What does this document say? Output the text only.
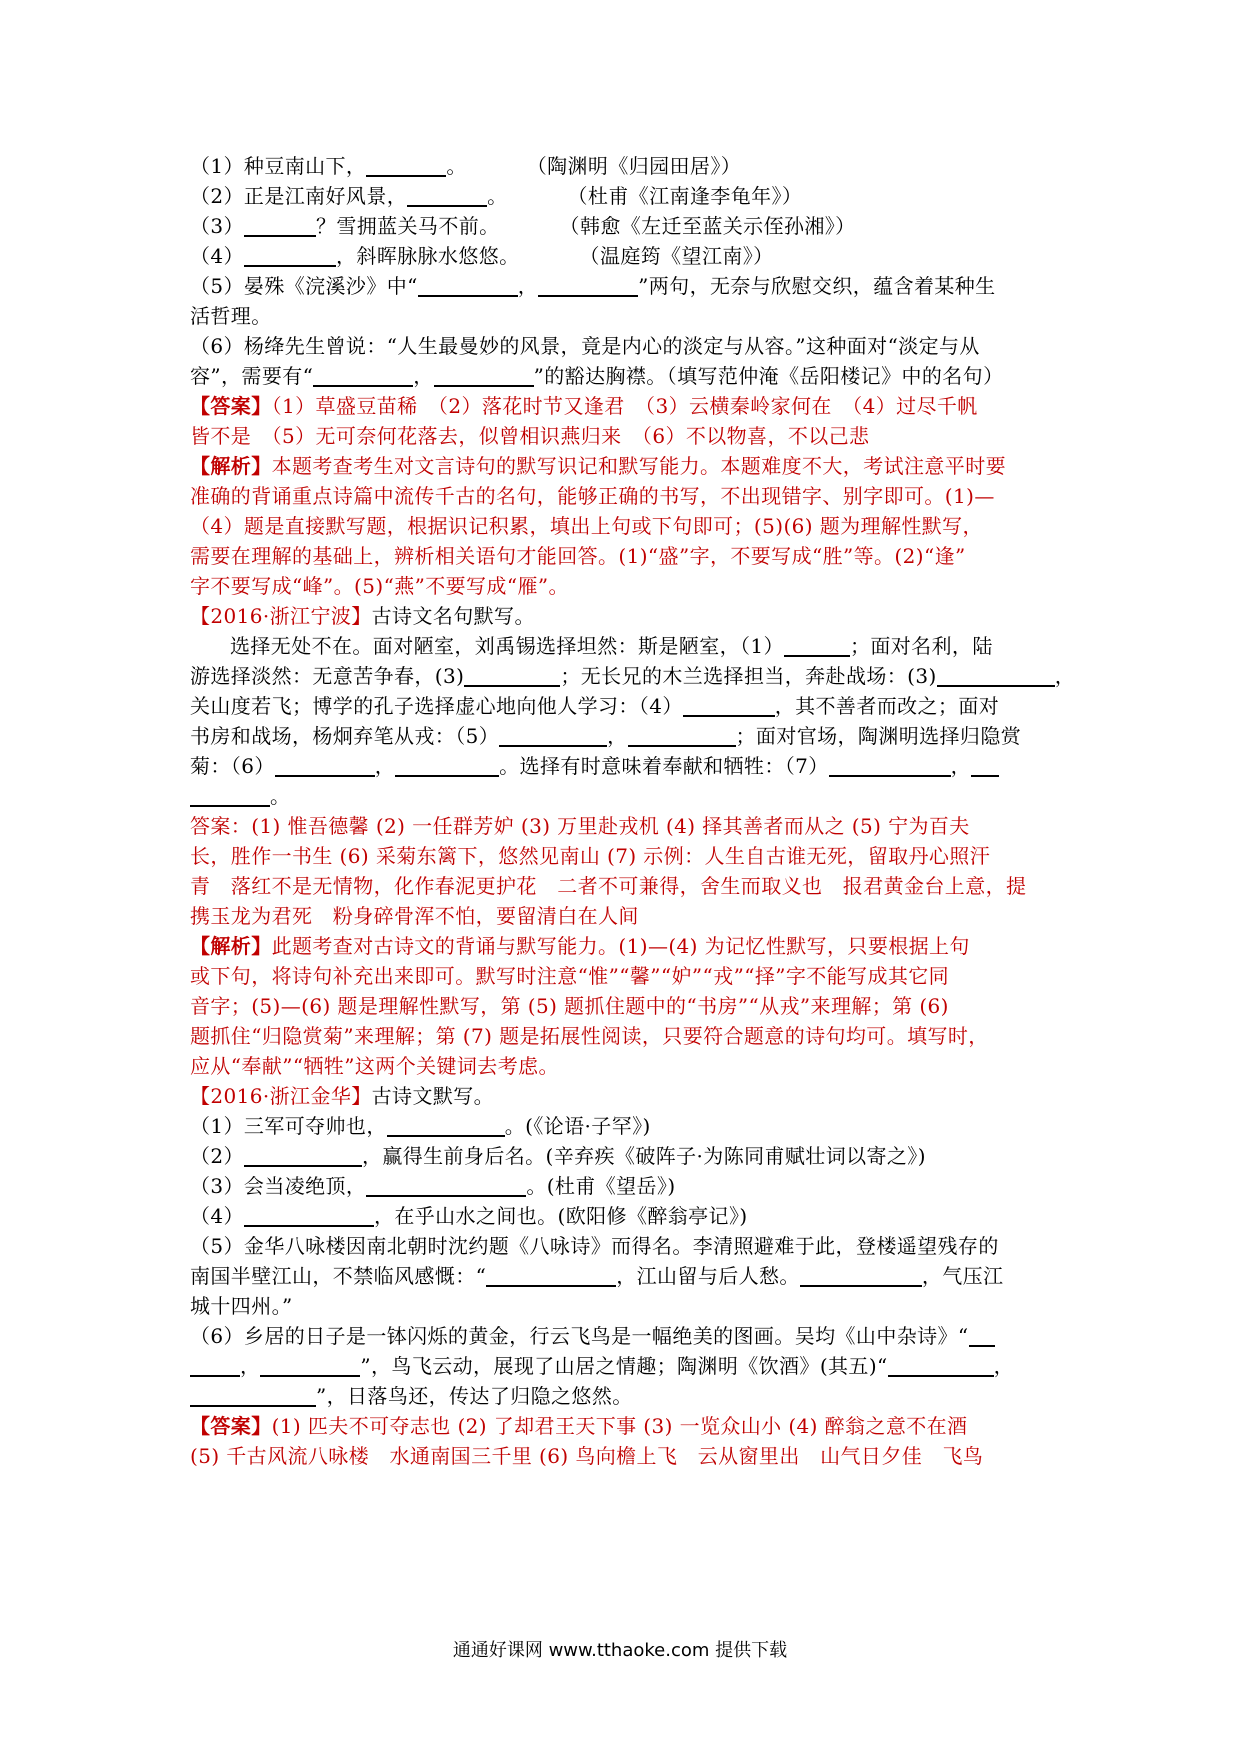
（1）种豆南山下，	。	（陶渊明《归园田居》）
（2）正是江南好风景，	。	（杜甫《江南逢李龟年》）
（3）	？雪拥蓝关马不前。	（韩愈《左迁至蓝关示侄孙湘》）
（4）	，斜晖脉脉水悠悠。	（温庭筠《望江南》）
（5）晏殊《浣溪沙》中“	，	”两句，无奈与欣慰交织，蕴含着某种生
活哲理。
（6）杨绛先生曾说：“人生最曼妙的风景，竟是内心的淡定与从容。”这种面对“淡定与从
容”，需要有“	，	”的豁达胸襟。（填写范仲淹《岳阳楼记》中的名句）
【答案】（1）草盛豆苗稀　（2）落花时节又逢君　（3）云横秦岭家何在　（4）过尽千帆
皆不是　（5）无可奈何花落去，似曾相识燕归来　（6）不以物喜，不以己悲
【解析】本题考查考生对文言诗句的默写识记和默写能力。本题难度不大，考试注意平时要
准确的背诵重点诗篇中流传千古的名句，能够正确的书写，不出现错字、别字即可。(1)—
（4）题是直接默写题，根据识记积累，填出上句或下句即可；(5)(6) 题为理解性默写，
需要在理解的基础上，辨析相关语句才能回答。(1)“盛”字，不要写成“胜”等。(2)“逢”
字不要写成“峰”。(5)“燕”不要写成“雁”。
【2016·浙江宁波】古诗文名句默写。
选择无处不在。面对陋室，刘禹锡选择坦然：斯是陋室，（1）	；面对名利，陆
游选择淡然：无意苦争春，(3)	；无长兄的木兰选择担当，奔赴战场：(3)	，
关山度若飞；博学的孔子选择虚心地向他人学习：（4）	，其不善者而改之；面对
书房和战场，杨炯弃笔从戎：（5）	，	；面对官场，陶渊明选择归隐赏
菊：（6）	，	。选择有时意味着奉献和牺牲：（7）	，
。
答案：(1) 惟吾德馨 (2) 一任群芳妒 (3) 万里赴戎机 (4) 择其善者而从之 (5) 宁为百夫
长，胜作一书生 (6) 采菊东篱下，悠然见南山 (7) 示例：人生自古谁无死，留取丹心照汗
青　落红不是无情物，化作春泥更护花　二者不可兼得，舍生而取义也　报君黄金台上意，提
携玉龙为君死　粉身碎骨浑不怕，要留清白在人间
【解析】此题考查对古诗文的背诵与默写能力。(1)—(4) 为记忆性默写，只要根据上句
或下句，将诗句补充出来即可。默写时注意“惟”“馨”“妒”“戎”“择”字不能写成其它同
音字；(5)—(6) 题是理解性默写，第 (5) 题抓住题中的“书房”“从戎”来理解；第 (6)
题抓住“归隐赏菊”来理解；第 (7) 题是拓展性阅读，只要符合题意的诗句均可。填写时，
应从“奉献”“牺牲”这两个关键词去考虑。
【2016·浙江金华】古诗文默写。
（1）三军可夺帅也，	。(《论语·子罕》)
（2）	，赢得生前身后名。(辛弃疾《破阵子·为陈同甫赋壮词以寄之》)
（3）会当凌绝顶，	。(杜甫《望岳》)
（4）	，在乎山水之间也。(欧阳修《醉翁亭记》)
（5）金华八咏楼因南北朝时沈约题《八咏诗》而得名。李清照避难于此，登楼遥望残存的
南国半壁江山，不禁临风感慨：“	，江山留与后人愁。	，气压江
城十四州。”
（6）乡居的日子是一钵闪烁的黄金，行云飞鸟是一幅绝美的图画。吴均《山中杂诗》“
，	”，鸟飞云动，展现了山居之情趣；陶渊明《饮酒》(其五)“	，
”，日落鸟还，传达了归隐之悠然。
【答案】(1) 匹夫不可夺志也 (2) 了却君王天下事 (3) 一览众山小 (4) 醉翁之意不在酒
(5) 千古风流八咏楼　水通南国三千里 (6) 鸟向檐上飞　云从窗里出　山气日夕佳　飞鸟
通通好课网 www.tthaoke.com 提供下载
